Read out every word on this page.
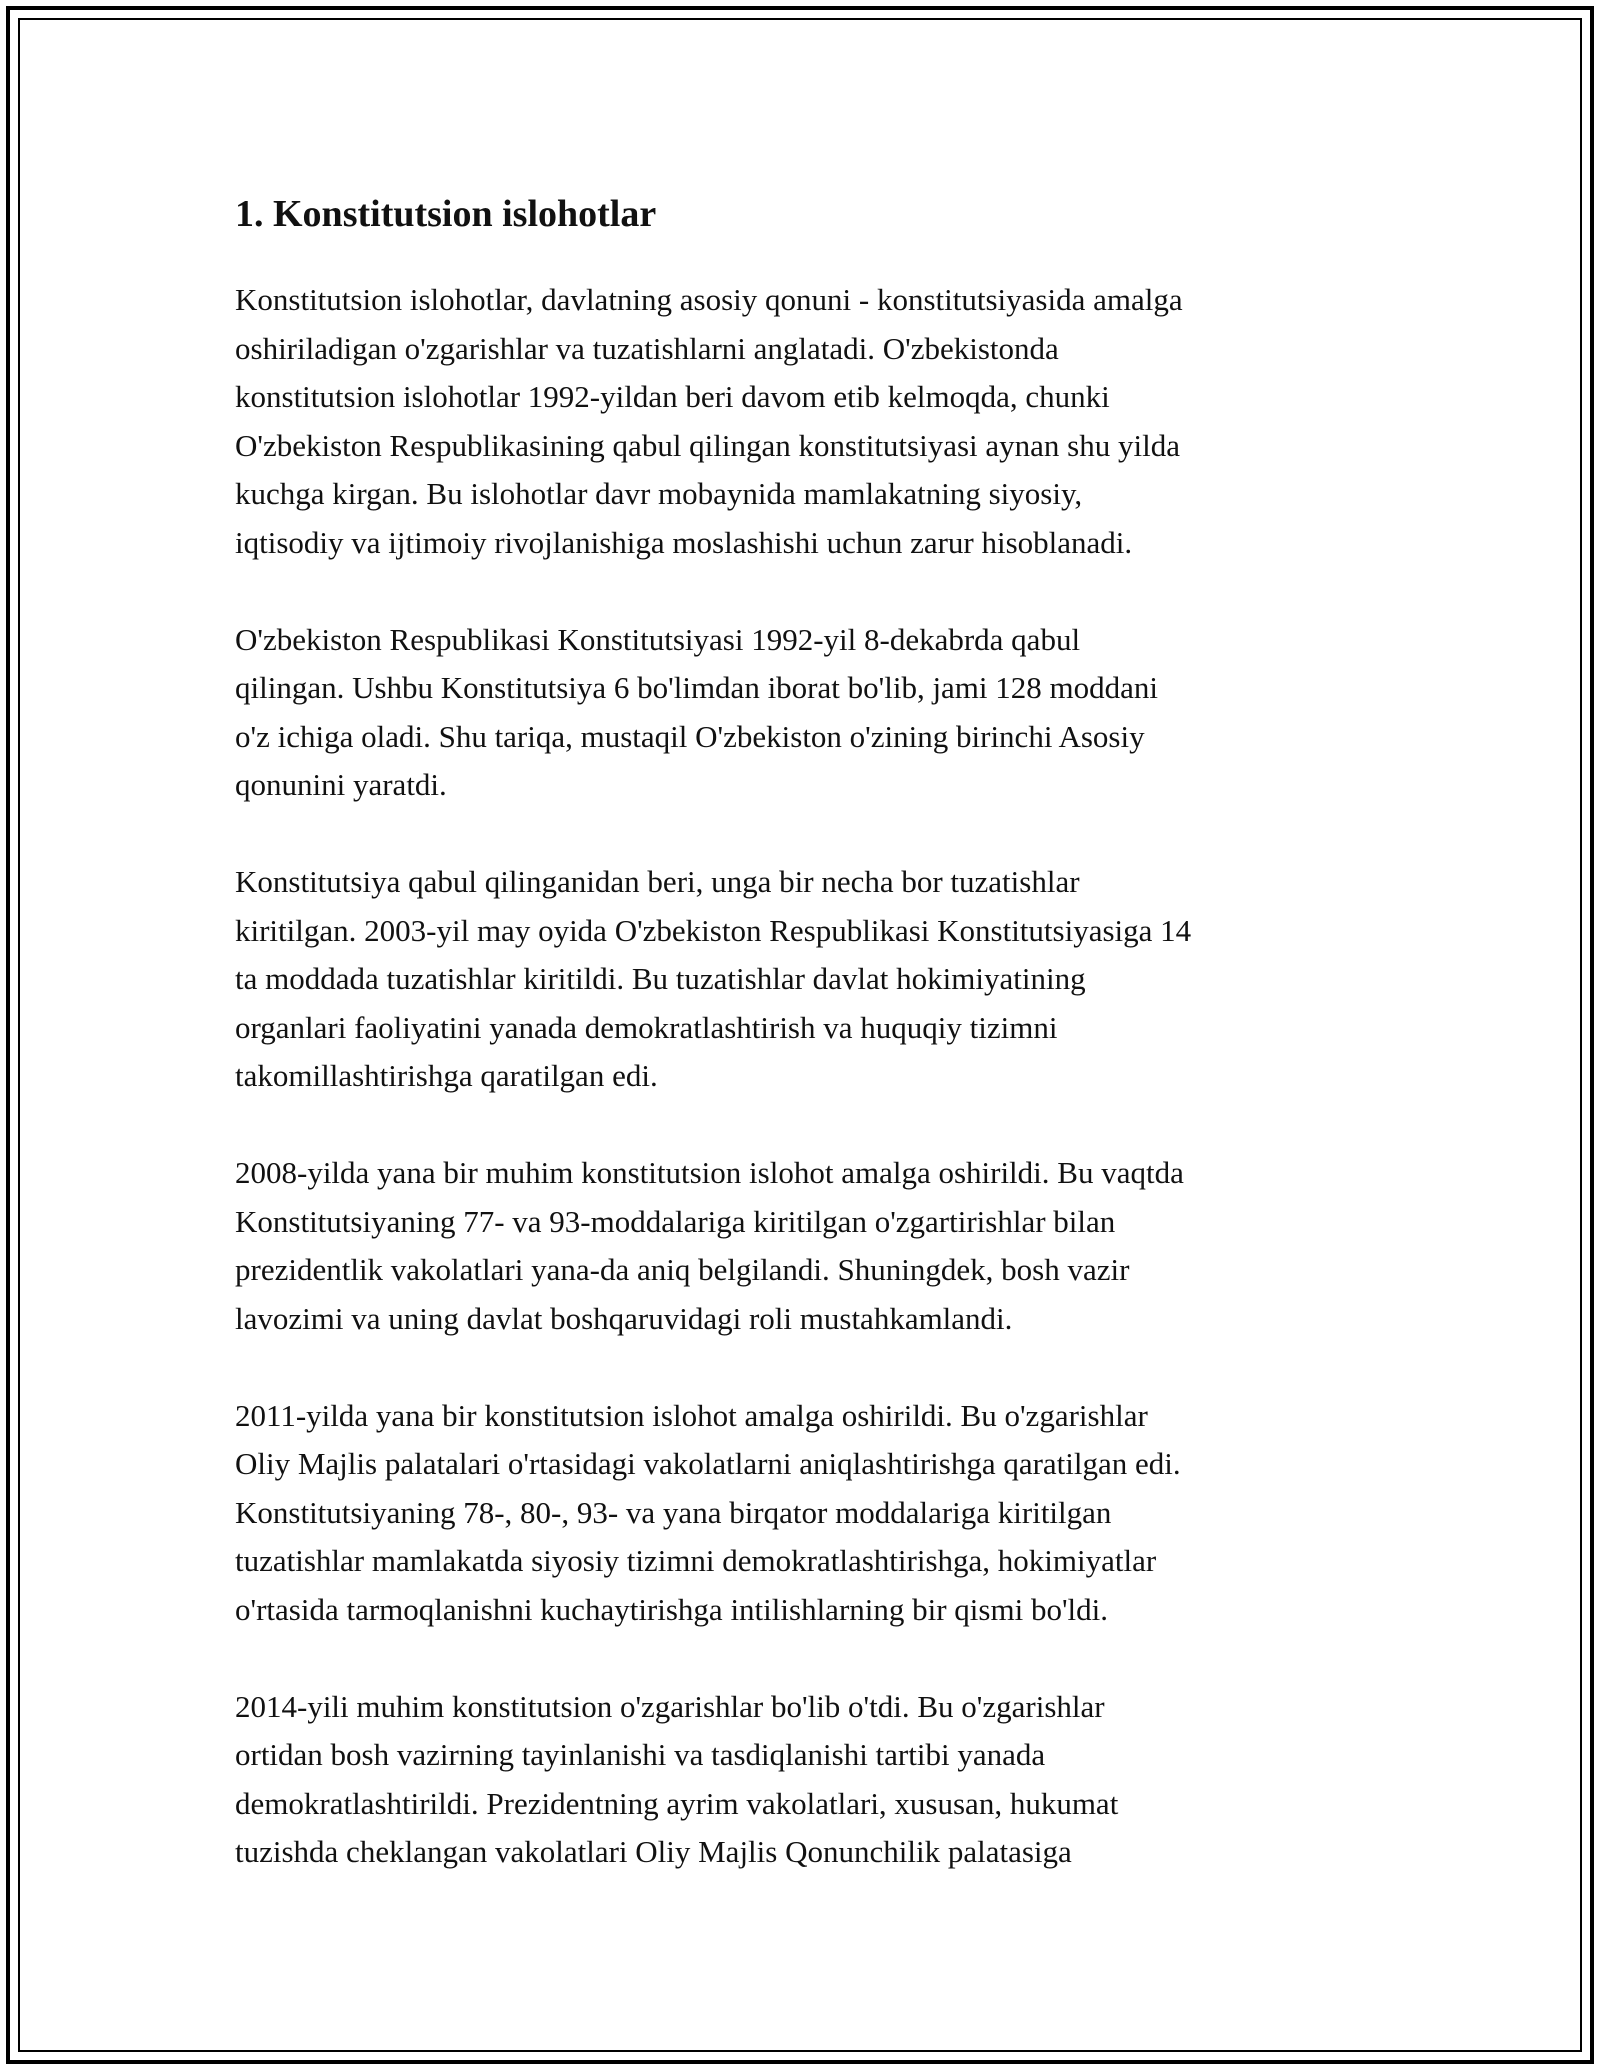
1. Konstitutsion islohotlar

Konstitutsion islohotlar, davlatning asosiy qonuni - konstitutsiyasida amalga
oshiriladigan o'zgarishlar va tuzatishlarni anglatadi. O'zbekistonda
konstitutsion islohotlar 1992-yildan beri davom etib kelmoqda, chunki
O'zbekiston Respublikasining qabul qilingan konstitutsiyasi aynan shu yilda
kuchga kirgan. Bu islohotlar davr mobaynida mamlakatning siyosiy,
iqtisodiy va ijtimoiy rivojlanishiga moslashishi uchun zarur hisoblanadi.

O'zbekiston Respublikasi Konstitutsiyasi 1992-yil 8-dekabrda qabul
qilingan. Ushbu Konstitutsiya 6 bo'limdan iborat bo'lib, jami 128 moddani
o'z ichiga oladi. Shu tariqa, mustaqil O'zbekiston o'zining birinchi Asosiy
qonunini yaratdi.

Konstitutsiya qabul qilinganidan beri, unga bir necha bor tuzatishlar
kiritilgan. 2003-yil may oyida O'zbekiston Respublikasi Konstitutsiyasiga 14
ta moddada tuzatishlar kiritildi. Bu tuzatishlar davlat hokimiyatining
organlari faoliyatini yanada demokratlashtirish va huquqiy tizimni
takomillashtirishga qaratilgan edi.

2008-yilda yana bir muhim konstitutsion islohot amalga oshirildi. Bu vaqtda
Konstitutsiyaning 77- va 93-moddalariga kiritilgan o'zgartirishlar bilan
prezidentlik vakolatlari yana-da aniq belgilandi. Shuningdek, bosh vazir
lavozimi va uning davlat boshqaruvidagi roli mustahkamlandi.

2011-yilda yana bir konstitutsion islohot amalga oshirildi. Bu o'zgarishlar
Oliy Majlis palatalari o'rtasidagi vakolatlarni aniqlashtirishga qaratilgan edi.
Konstitutsiyaning 78-, 80-, 93- va yana birqator moddalariga kiritilgan
tuzatishlar mamlakatda siyosiy tizimni demokratlashtirishga, hokimiyatlar
o'rtasida tarmoqlanishni kuchaytirishga intilishlarning bir qismi bo'ldi.

2014-yili muhim konstitutsion o'zgarishlar bo'lib o'tdi. Bu o'zgarishlar
ortidan bosh vazirning tayinlanishi va tasdiqlanishi tartibi yanada
demokratlashtirildi. Prezidentning ayrim vakolatlari, xususan, hukumat
tuzishda cheklangan vakolatlari Oliy Majlis Qonunchilik palatasiga
